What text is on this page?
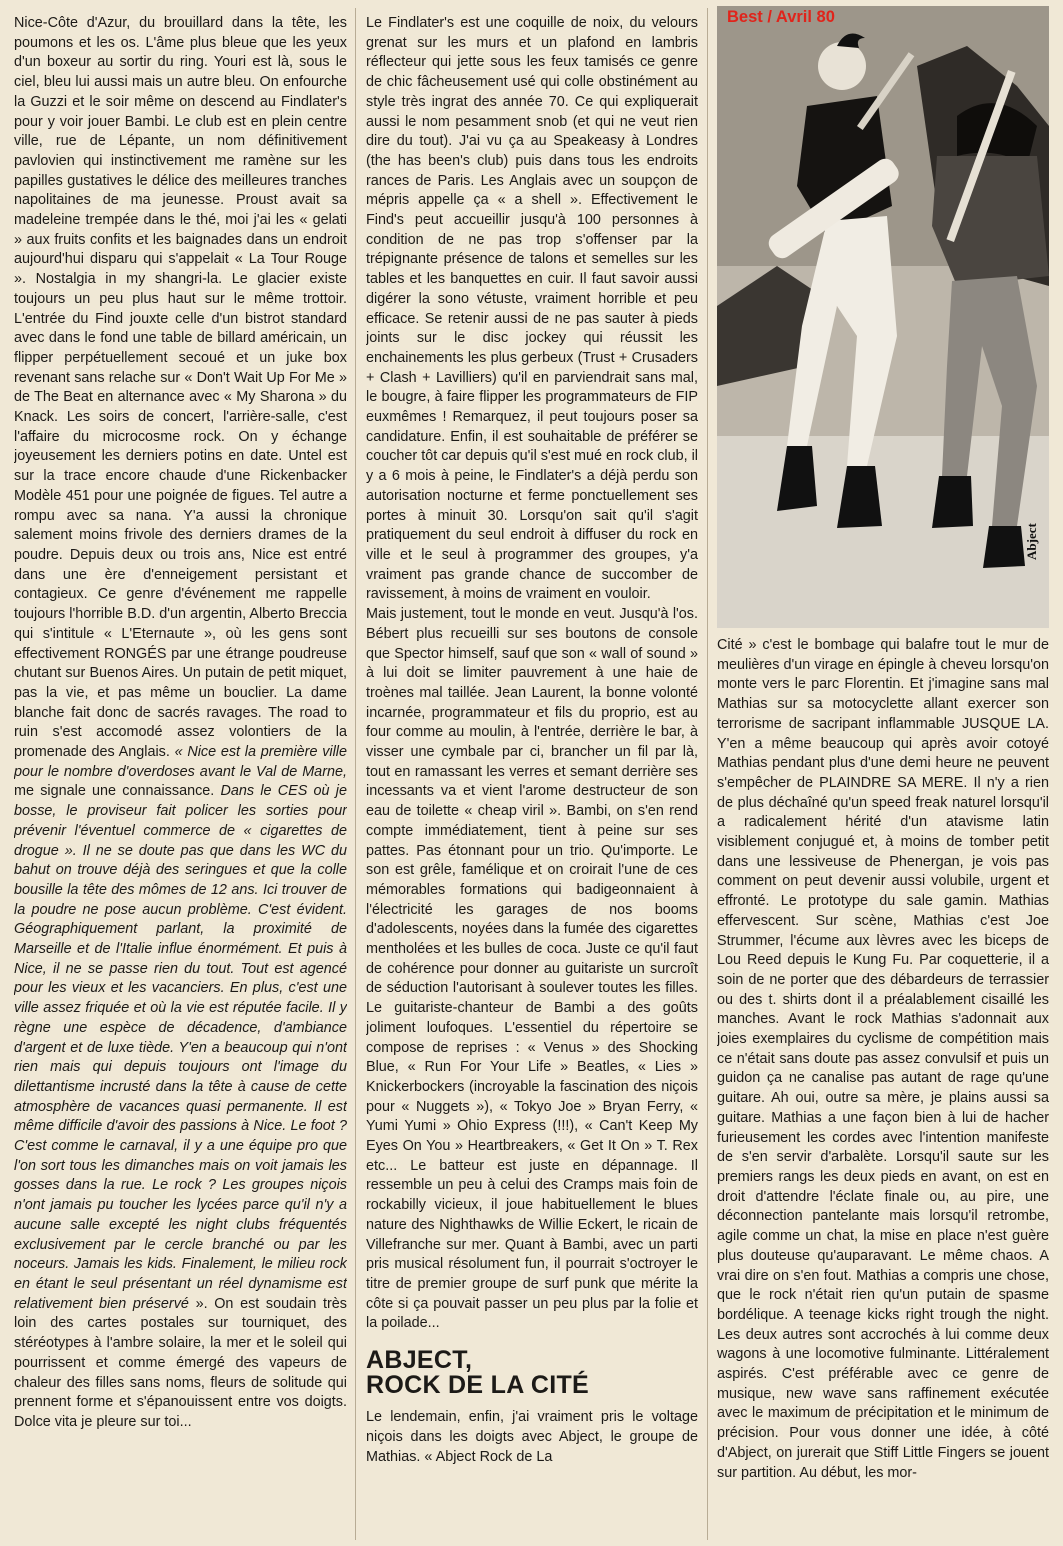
Nice-Côte d'Azur, du brouillard dans la tête, les poumons et les os. L'âme plus bleue que les yeux d'un boxeur au sortir du ring. Youri est là, sous le ciel, bleu lui aussi mais un autre bleu. On enfourche la Guzzi et le soir même on descend au Findlater's pour y voir jouer Bambi. Le club est en plein centre ville, rue de Lépante, un nom définitivement pavlovien qui instinctivement me ramène sur les papilles gustatives le délice des meilleures tranches napolitaines de ma jeunesse. Proust avait sa madeleine trempée dans le thé, moi j'ai les « gelati » aux fruits confits et les baignades dans un endroit aujourd'hui disparu qui s'appelait « La Tour Rouge ». Nostalgia in my shangri-la. Le glacier existe toujours un peu plus haut sur le même trottoir. L'entrée du Find jouxte celle d'un bistrot standard avec dans le fond une table de billard américain, un flipper perpétuellement secoué et un juke box revenant sans relache sur « Don't Wait Up For Me » de The Beat en alternance avec « My Sharona » du Knack. Les soirs de concert, l'arrière-salle, c'est l'affaire du microcosme rock. On y échange joyeusement les derniers potins en date. Untel est sur la trace encore chaude d'une Rickenbacker Modèle 451 pour une poignée de figues. Tel autre a rompu avec sa nana. Y'a aussi la chronique salement moins frivole des derniers drames de la poudre. Depuis deux ou trois ans, Nice est entré dans une ère d'enneigement persistant et contagieux. Ce genre d'événement me rappelle toujours l'horrible B.D. d'un argentin, Alberto Breccia qui s'intitule « L'Eternaute », où les gens sont effectivement RONGÉS par une étrange poudreuse chutant sur Buenos Aires. Un putain de petit miquet, pas la vie, et pas même un bouclier. La dame blanche fait donc de sacrés ravages. The road to ruin s'est accomodé assez volontiers de la promenade des Anglais. « Nice est la première ville pour le nombre d'overdoses avant le Val de Marne, me signale une connaissance. Dans le CES où je bosse, le proviseur fait policer les sorties pour prévenir l'éventuel commerce de « cigarettes de drogue ». Il ne se doute pas que dans les WC du bahut on trouve déjà des seringues et que la colle bousille la tête des mômes de 12 ans. Ici trouver de la poudre ne pose aucun problème. C'est évident. Géographiquement parlant, la proximité de Marseille et de l'Italie influe énormément. Et puis à Nice, il ne se passe rien du tout. Tout est agencé pour les vieux et les vacanciers. En plus, c'est une ville assez friquée et où la vie est réputée facile. Il y règne une espèce de décadence, d'ambiance d'argent et de luxe tiède. Y'en a beaucoup qui n'ont rien mais qui depuis toujours ont l'image du dilettantisme incrusté dans la tête à cause de cette atmosphère de vacances quasi permanente. Il est même difficile d'avoir des passions à Nice. Le foot ? C'est comme le carnaval, il y a une équipe pro que l'on sort tous les dimanches mais on voit jamais les gosses dans la rue. Le rock ? Les groupes niçois n'ont jamais pu toucher les lycées parce qu'il n'y a aucune salle excepté les night clubs fréquentés exclusivement par le cercle branché ou par les noceurs. Jamais les kids. Finalement, le milieu rock en étant le seul présentant un réel dynamisme est relativement bien préservé ». On est soudain très loin des cartes postales sur tourniquet, des stéréotypes à l'ambre solaire, la mer et le soleil qui pourrissent et comme émergé des vapeurs de chaleur des filles sans noms, fleurs de solitude qui prennent forme et s'épanouissent entre vos doigts. Dolce vita je pleure sur toi...

Le Findlater's est une coquille de noix, du velours grenat sur les murs et un plafond en lambris réflecteur qui jette sous les feux tamisés ce genre de chic fâcheusement usé qui colle obstinément au style très ingrat des année 70. Ce qui expliquerait aussi le nom pesamment snob (et qui ne veut rien dire du tout). J'ai vu ça au Speakeasy à Londres (the has been's club) puis dans tous les endroits rances de Paris. Les Anglais avec un soupçon de mépris appelle ça « a shell ». Effectivement le Find's peut accueillir jusqu'à 100 personnes à condition de ne pas trop s'offenser par la trépignante présence de talons et semelles sur les tables et les banquettes en cuir. Il faut savoir aussi digérer la sono vétuste, vraiment horrible et peu efficace. Se retenir aussi de ne pas sauter à pieds joints sur le disc jockey qui réussit les enchainements les plus gerbeux (Trust + Crusaders + Clash + Lavilliers) qu'il en parviendrait sans mal, le bougre, à faire flipper les programmateurs de FIP euxmêmes ! Remarquez, il peut toujours poser sa candidature. Enfin, il est souhaitable de préférer se coucher tôt car depuis qu'il s'est mué en rock club, il y a 6 mois à peine, le Findlater's a déjà perdu son autorisation nocturne et ferme ponctuellement ses portes à minuit 30. Lorsqu'on sait qu'il s'agit pratiquement du seul endroit à diffuser du rock en ville et le seul à programmer des groupes, y'a vraiment pas grande chance de succomber de ravissement, à moins de vraiment en vouloir.

Mais justement, tout le monde en veut. Jusqu'à l'os. Bébert plus recueilli sur ses boutons de console que Spector himself, sauf que son « wall of sound » à lui doit se limiter pauvrement à une haie de troènes mal taillée. Jean Laurent, la bonne volonté incarnée, programmateur et fils du proprio, est au four comme au moulin, à l'entrée, derrière le bar, à visser une cymbale par ci, brancher un fil par là, tout en ramassant les verres et semant derrière ses incessants va et vient l'arome destructeur de son eau de toilette « cheap viril ». Bambi, on s'en rend compte immédiatement, tient à peine sur ses pattes. Pas étonnant pour un trio. Qu'importe. Le son est grêle, famélique et on croirait l'une de ces mémorables formations qui badigeonnaient à l'électricité les garages de nos booms d'adolescents, noyées dans la fumée des cigarettes mentholées et les bulles de coca. Juste ce qu'il faut de cohérence pour donner au guitariste un surcroît de séduction l'autorisant à soulever toutes les filles. Le guitariste-chanteur de Bambi a des goûts joliment loufoques. L'essentiel du répertoire se compose de reprises : « Venus » des Shocking Blue, « Run For Your Life » Beatles, « Lies » Knickerbockers (incroyable la fascination des niçois pour « Nuggets »), « Tokyo Joe » Bryan Ferry, « Yumi Yumi » Ohio Express (!!!), « Can't Keep My Eyes On You » Heartbreakers, « Get It On » T. Rex etc... Le batteur est juste en dépannage. Il ressemble un peu à celui des Cramps mais foin de rockabilly vicieux, il joue habituellement le blues nature des Nighthawks de Willie Eckert, le ricain de Villefranche sur mer. Quant à Bambi, avec un parti pris musical résolument fun, il pourrait s'octroyer le titre de premier groupe de surf punk que mérite la côte si ça pouvait passer un peu plus par la folie et la poilade...

ABJECT,
ROCK DE LA CITÉ

Le lendemain, enfin, j'ai vraiment pris le voltage niçois dans les doigts avec Abject, le groupe de Mathias. « Abject Rock de La

Best / Avril 80
Abject

Cité » c'est le bombage qui balafre tout le mur de meulières d'un virage en épingle à cheveu lorsqu'on monte vers le parc Florentin. Et j'imagine sans mal Mathias sur sa motocyclette allant exercer son terrorisme de sacripant inflammable JUSQUE LA. Y'en a même beaucoup qui après avoir cotoyé Mathias pendant plus d'une demi heure ne peuvent s'empêcher de PLAINDRE SA MERE. Il n'y a rien de plus déchaîné qu'un speed freak naturel lorsqu'il a radicalement hérité d'un atavisme latin visiblement conjugué et, à moins de tomber petit dans une lessiveuse de Phenergan, je vois pas comment on peut devenir aussi volubile, urgent et effronté. Le prototype du sale gamin. Mathias effervescent. Sur scène, Mathias c'est Joe Strummer, l'écume aux lèvres avec les biceps de Lou Reed depuis le Kung Fu. Par coquetterie, il a soin de ne porter que des débardeurs de terrassier ou des t. shirts dont il a préalablement cisaillé les manches. Avant le rock Mathias s'adonnait aux joies exemplaires du cyclisme de compétition mais ce n'était sans doute pas assez convulsif et puis un guidon ça ne canalise pas autant de rage qu'une guitare. Ah oui, outre sa mère, je plains aussi sa guitare. Mathias a une façon bien à lui de hacher furieusement les cordes avec l'intention manifeste de s'en servir d'arbalète. Lorsqu'il saute sur les premiers rangs les deux pieds en avant, on est en droit d'attendre l'éclate finale ou, au pire, une déconnection pantelante mais lorsqu'il retrombe, agile comme un chat, la mise en place n'est guère plus douteuse qu'auparavant. Le même chaos. A vrai dire on s'en fout. Mathias a compris une chose, que le rock n'était rien qu'un putain de spasme bordélique. A teenage kicks right trough the night. Les deux autres sont accrochés à lui comme deux wagons à une locomotive fulminante. Littéralement aspirés. C'est préférable avec ce genre de musique, new wave sans raffinement exécutée avec le maximum de précipitation et le minimum de précision. Pour vous donner une idée, à côté d'Abject, on jurerait que Stiff Little Fingers se jouent sur partition. Au début, les mor-
